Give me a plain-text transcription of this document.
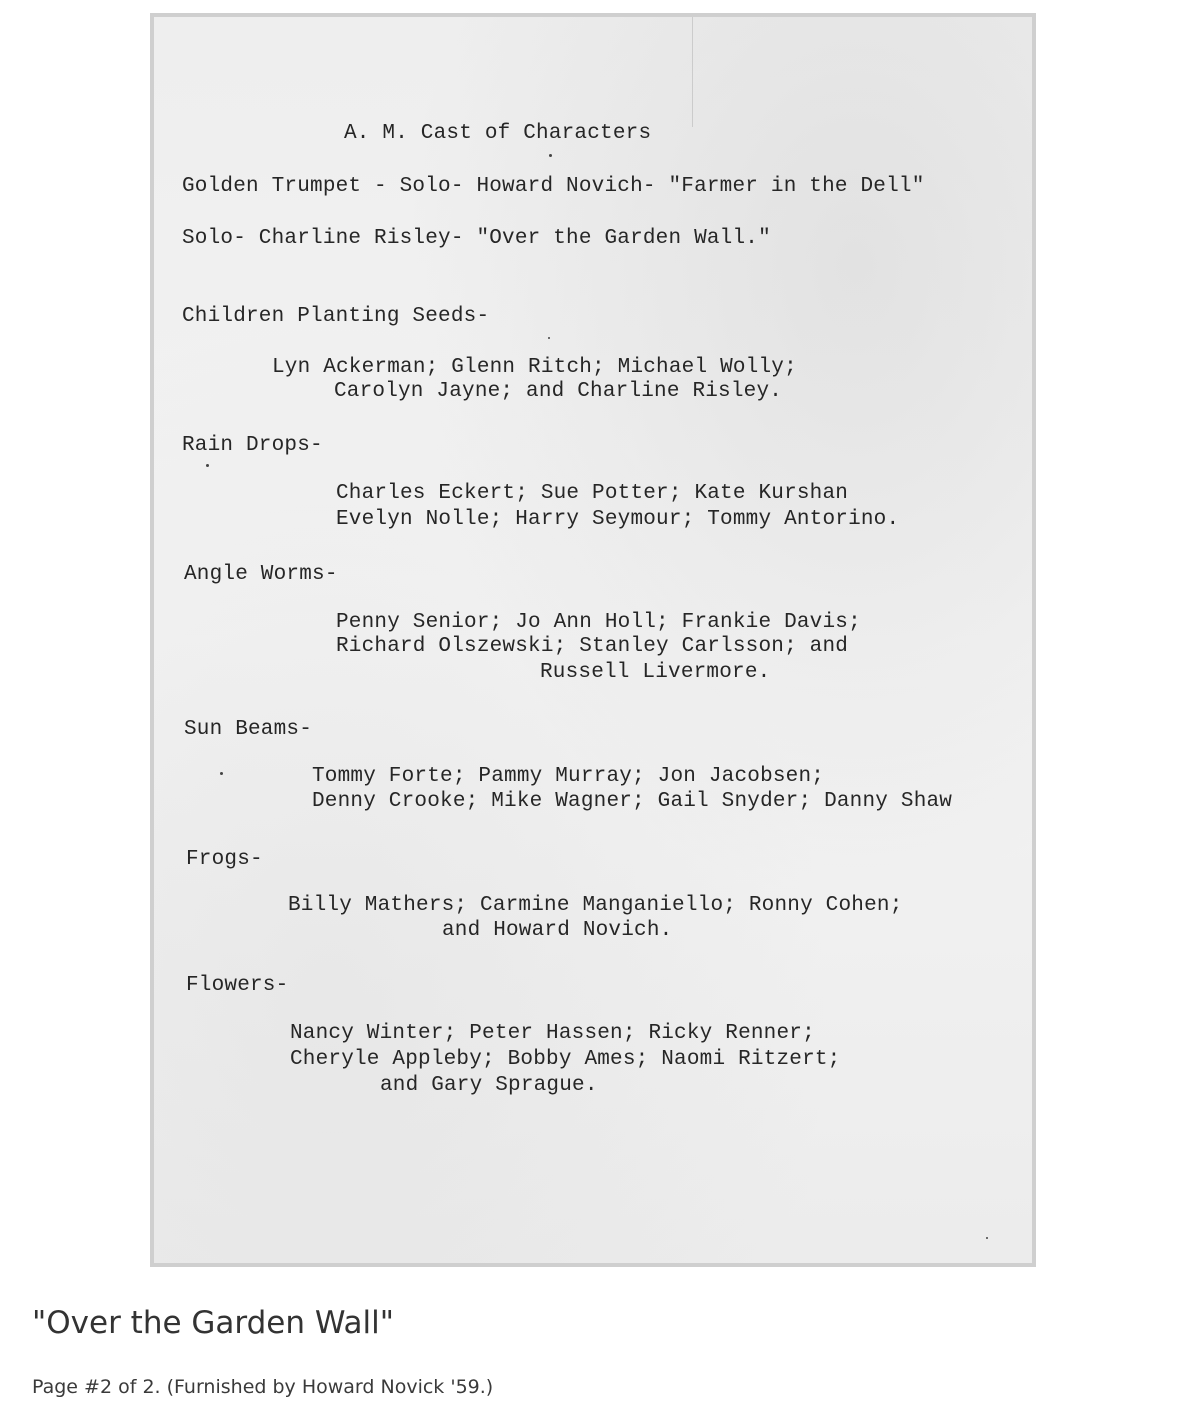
A. M. Cast of Characters
Golden Trumpet - Solo- Howard Novich- "Farmer in the Dell"
Solo- Charline Risley- "Over the Garden Wall."
Children Planting Seeds-
Lyn Ackerman; Glenn Ritch; Michael Wolly;
Carolyn Jayne; and Charline Risley.
Rain Drops-
Charles Eckert; Sue Potter; Kate Kurshan
Evelyn Nolle; Harry Seymour; Tommy Antorino.
Angle Worms-
Penny Senior; Jo Ann Holl; Frankie Davis;
Richard Olszewski; Stanley Carlsson; and
Russell Livermore.
Sun Beams-
Tommy Forte; Pammy Murray; Jon Jacobsen;
Denny Crooke; Mike Wagner; Gail Snyder; Danny Shaw
Frogs-
Billy Mathers; Carmine Manganiello; Ronny Cohen;
and Howard Novich.
Flowers-
Nancy Winter; Peter Hassen; Ricky Renner;
Cheryle Appleby; Bobby Ames; Naomi Ritzert;
and Gary Sprague.
"Over the Garden Wall"
Page #2 of 2. (Furnished by Howard Novick '59.)
